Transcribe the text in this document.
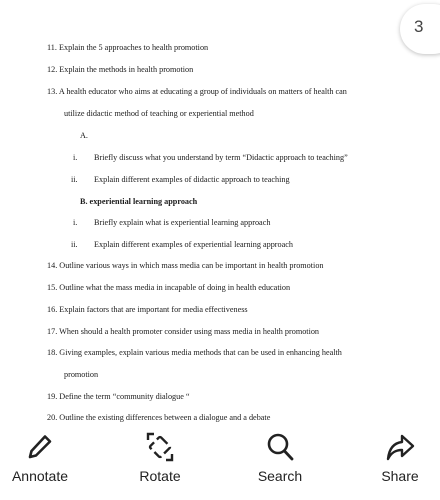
11. Explain the 5 approaches to health promotion
12. Explain the methods in health promotion
13. A health educator who aims at educating a group of individuals on matters of health can
utilize didactic method of teaching or experiential method
A.
i. Briefly discuss what you understand by term “Didactic approach to teaching”
ii. Explain different examples of didactic approach to teaching
B. experiential learning approach
i. Briefly explain what is experiential learning approach
ii. Explain different examples of experiential learning approach
14. Outline various ways in which mass media can be important in health promotion
15. Outline what the mass media in incapable of doing in health education
16. Explain factors that are important for media effectiveness
17. When should a health promoter consider using mass media in health promotion
18. Giving examples, explain various media methods that can be used in enhancing health
promotion
19. Define the term “community dialogue “
20. Outline the existing differences between a dialogue and a debate
3
Annotate	Rotate	Search	Share
